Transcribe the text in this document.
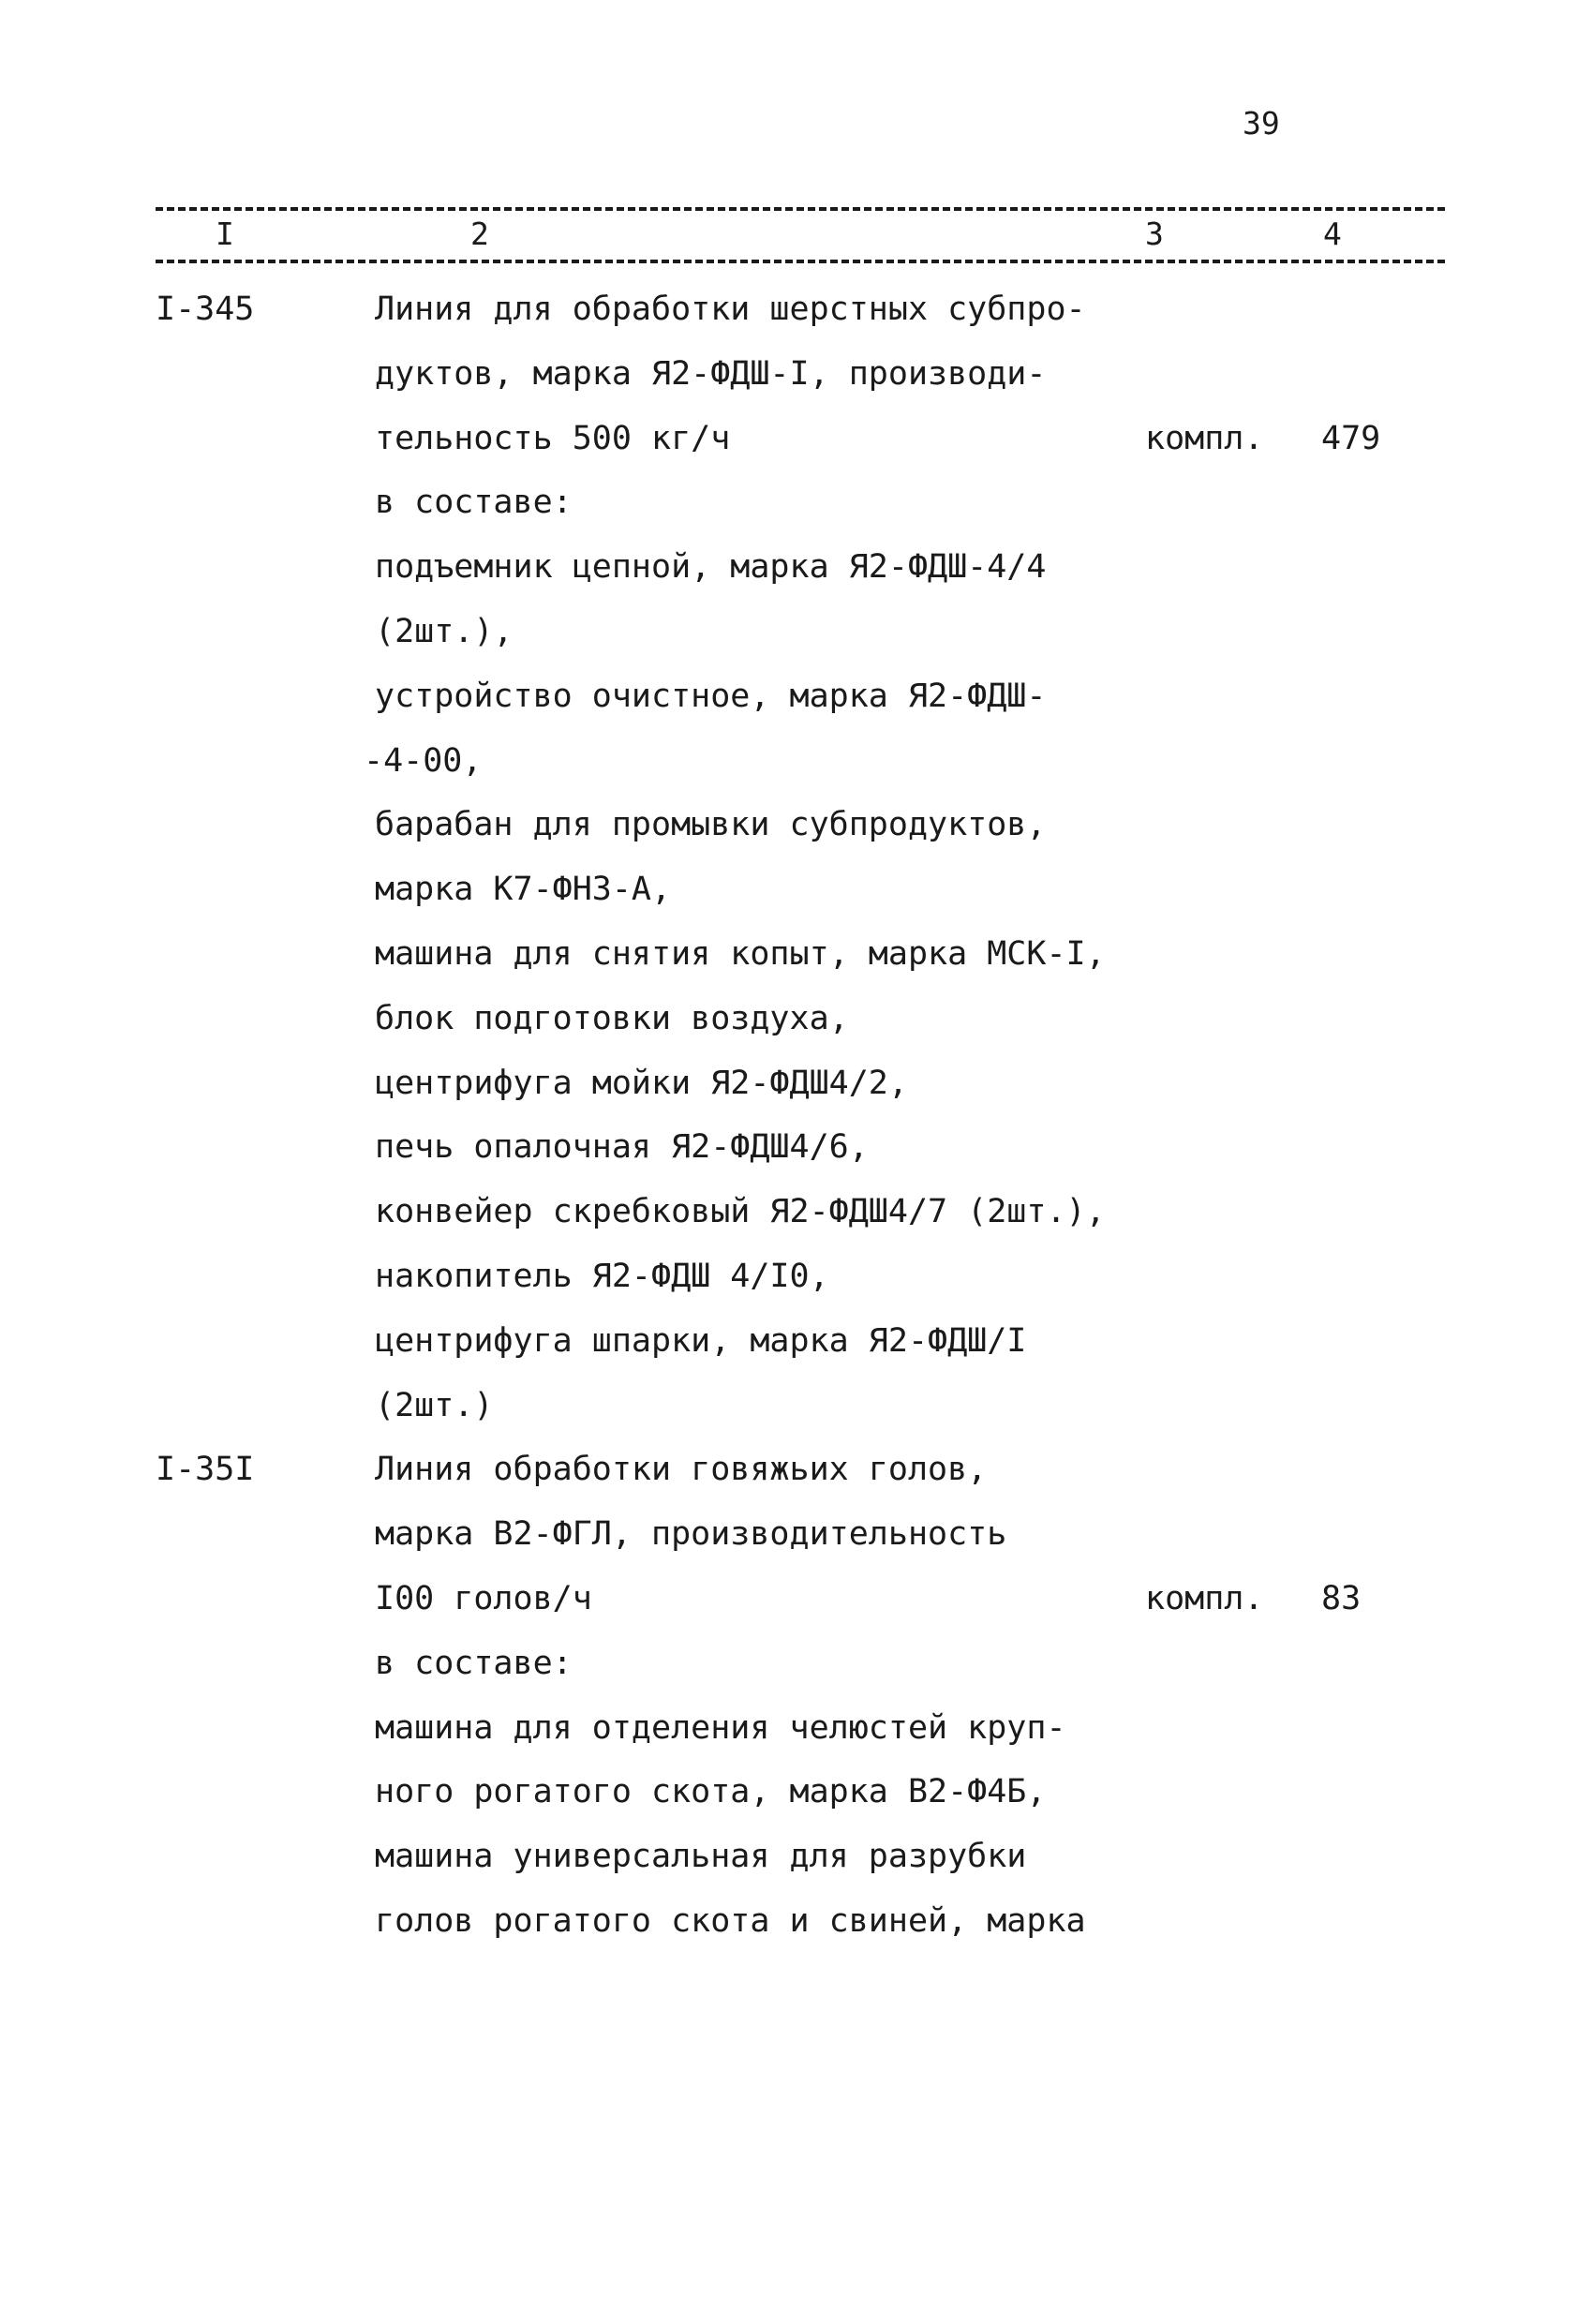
39
I	2	3	4
I-345	Линия для обработки шерстных субпро-
дуктов, марка Я2-ФДШ-I, производи-
тельность 500 кг/ч	компл. 479
в составе:
подъемник цепной, марка Я2-ФДШ-4/4
(2шт.),
устройство очистное, марка Я2-ФДШ-
-4-00,
барабан для промывки субпродуктов,
марка К7-ФНЗ-А,
машина для снятия копыт, марка МСК-I,
блок подготовки воздуха,
центрифуга мойки Я2-ФДШ4/2,
печь опалочная Я2-ФДШ4/6,
конвейер скребковый Я2-ФДШ4/7 (2шт.),
накопитель Я2-ФДШ 4/I0,
центрифуга шпарки, марка Я2-ФДШ/I
(2шт.)
I-35I	Линия обработки говяжьих голов,
марка В2-ФГЛ, производительность
I00 голов/ч	компл. 83
в составе:
машина для отделения челюстей круп-
ного рогатого скота, марка В2-Ф4Б,
машина универсальная для разрубки
голов рогатого скота и свиней, марка
